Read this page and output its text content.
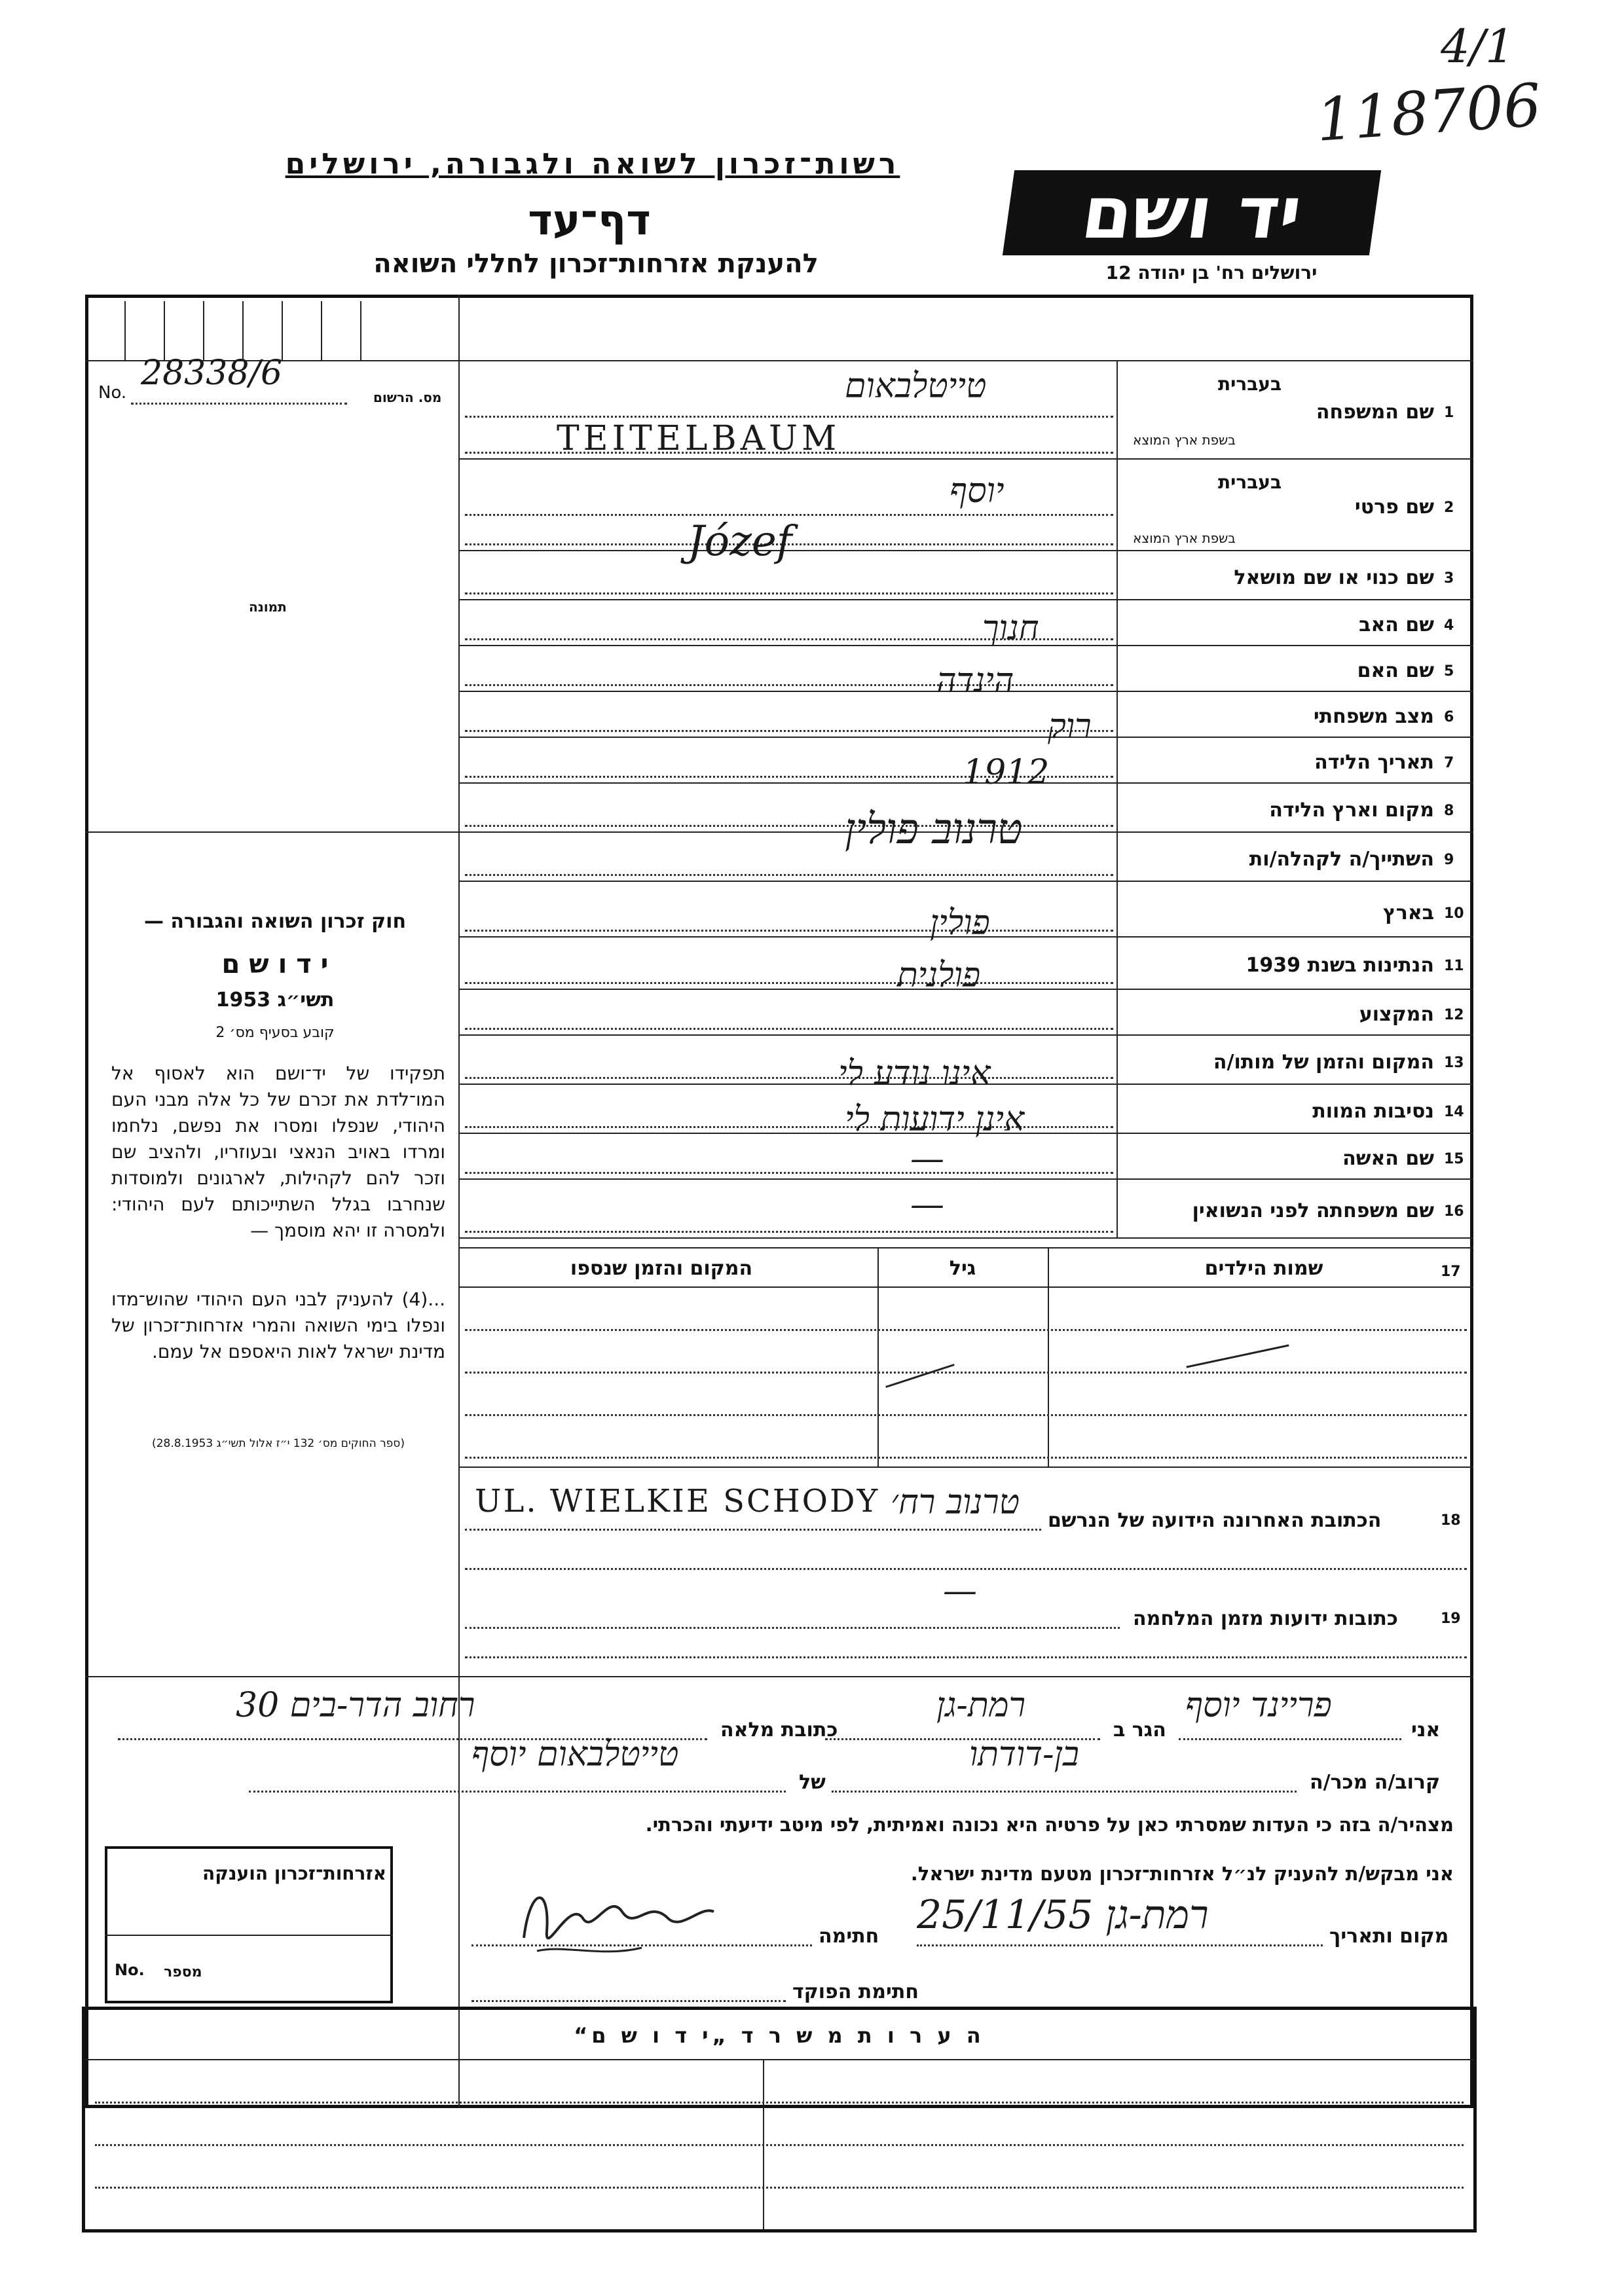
4/1
118706
רשות־זכרון לשואה ולגבורה, ירושלים
דף־עד
להענקת אזרחות־זכרון לחללי השואה
יד ושם
ירושלים רח' בן יהודה 12
מס. הרשום
No. 28338/6
תמונה
חוק זכרון השואה והגבורה —
י ד ו ש ם
תשי״ג 1953
קובע בסעיף מס׳ 2
תפקידו של יד־ושם הוא לאסוף אל המו־לדת את זכרם של כל אלה מבני העם היהודי, שנפלו ומסרו את נפשם, נלחמו ומרדו באויב הנאצי ובעוזריו, ולהציב שם וזכר להם לקהילות, לארגונים ולמוסדות שנחרבו בגלל השתייכותם לעם היהודי: ולמסרה זו יהא מוסמך —
...(4) להעניק לבני העם היהודי שהוש־מדו ונפלו בימי השואה והמרי אזרחות־זכרון של מדינת ישראל לאות היאספם אל עמם.
(ספר החוקים מס׳ 132 י״ז אלול תשי״ג 28.8.1953)
1
שם המשפחה
בעברית
בשפת ארץ המוצא
2
שם פרטי
בעברית
בשפת ארץ המוצא
3
שם כנוי או שם מושאל
4
שם האב
5
שם האם
6
מצב משפחתי
7
תאריך הלידה
8
מקום וארץ הלידה
9
השתייך/ה לקהלה/ות
10
בארץ
11
הנתינות בשנת 1939
12
המקצוע
13
המקום והזמן של מותו/ה
14
נסיבות המוות
15
שם האשה
16
שם משפחתה לפני הנשואין
טייטלבאום
TEITELBAUM
יוסף
Józef
חנוך
הינדה
רוק
1912
טרנוב פולין
פולין
פולנית
אינו נודע לי
אינן ידועות לי
—
—
17
שמות הילדים
גיל
המקום והזמן שנספו
18
הכתובת האחרונה הידועה של הנרשם
UL. WIELKIE SCHODY טרנוב רח׳
19
כתובות ידועות מזמן המלחמה
—
אני
פריינד יוסף
הגר ב
רמת-גן
כתובת מלאה
רחוב הדר-בים 30
קרוב/ה מכר/ה
בן-דודתו
של
טייטלבאום יוסף
מצהיר/ה בזה כי העדות שמסרתי כאן על פרטיה היא נכונה ואמיתית, לפי מיטב ידיעתי והכרתי.
אני מבקש/ת להעניק לנ״ל אזרחות־זכרון מטעם מדינת ישראל.
מקום ותאריך
רמת-גן 25/11/55
חתימה
חתימת הפוקד
אזרחות־זכרון הוענקה
מספר
No.
ה ע ר ו ת מ ש ר ד „י ד ו ש ם“
